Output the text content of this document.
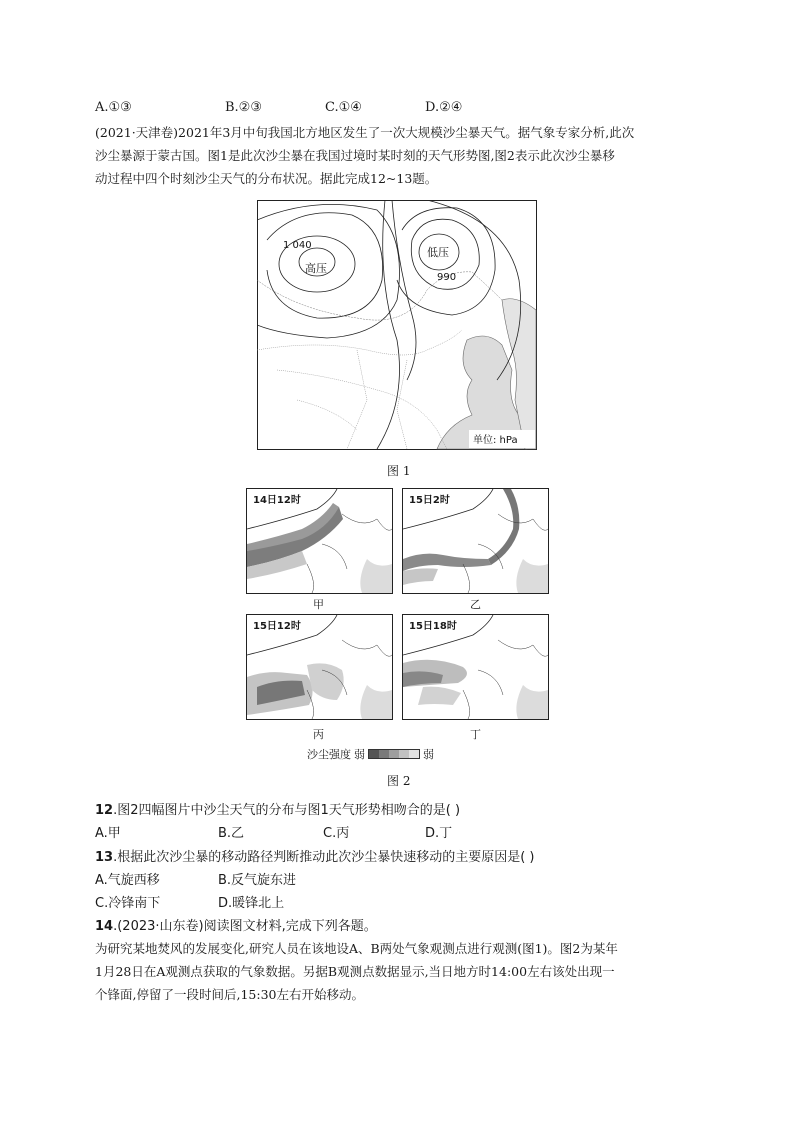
A.①③	B.②③	C.①④	D.②④

(2021·天津卷)2021年3月中旬我国北方地区发生了一次大规模沙尘暴天气。据气象专家分析,此次

沙尘暴源于蒙古国。图1是此次沙尘暴在我国过境时某时刻的天气形势图,图2表示此次沙尘暴移

动过程中四个时刻沙尘天气的分布状况。据此完成12~13题。

1 040
高压
低压
990
单位: hPa
图 1
14日12时	15日2时
甲	乙
15日12时	15日18时
丙	丁
沙尘强度 弱	弱
图 2
12.图2四幅图片中沙尘天气的分布与图1天气形势相吻合的是( )
A.甲	B.乙	C.丙	D.丁
13.根据此次沙尘暴的移动路径判断推动此次沙尘暴快速移动的主要原因是( )
A.气旋西移	B.反气旋东进
C.冷锋南下	D.暖锋北上
14.(2023·山东卷)阅读图文材料,完成下列各题。

为研究某地焚风的发展变化,研究人员在该地设A、B两处气象观测点进行观测(图1)。图2为某年

1月28日在A观测点获取的气象数据。另据B观测点数据显示,当日地方时14:00左右该处出现一

个锋面,停留了一段时间后,15:30左右开始移动。
